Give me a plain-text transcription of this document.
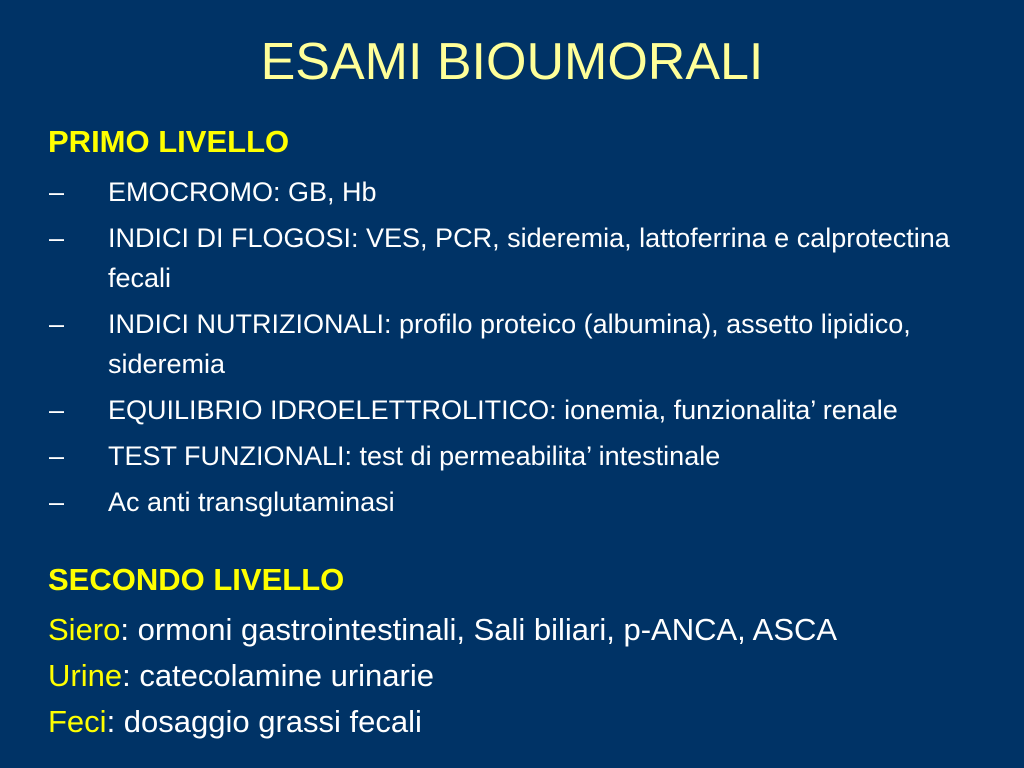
ESAMI BIOUMORALI
PRIMO LIVELLO
– EMOCROMO: GB, Hb
– INDICI DI FLOGOSI: VES, PCR, sideremia, lattoferrina e calprotectina fecali
– INDICI NUTRIZIONALI: profilo proteico (albumina), assetto lipidico, sideremia
– EQUILIBRIO IDROELETTROLITICO: ionemia, funzionalita’ renale
– TEST FUNZIONALI: test di permeabilita’ intestinale
– Ac anti transglutaminasi
SECONDO LIVELLO
Siero: ormoni gastrointestinali, Sali biliari, p-ANCA, ASCA
Urine: catecolamine urinarie
Feci: dosaggio grassi fecali
